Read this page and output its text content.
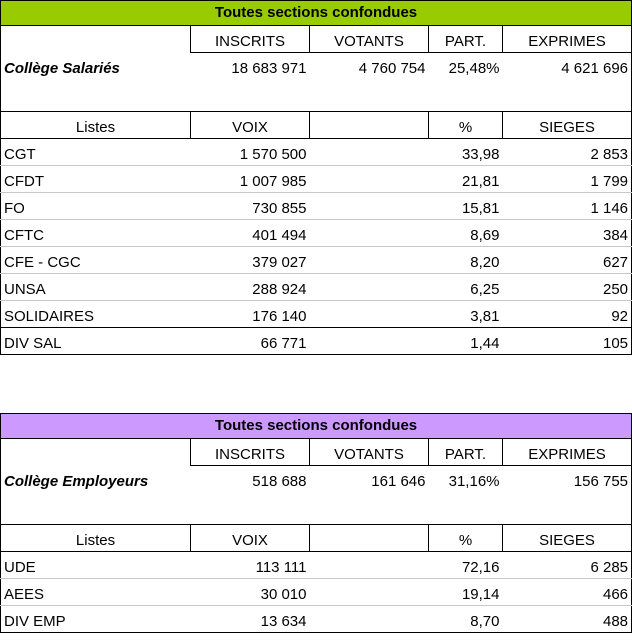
Toutes sections confondues				
	INSCRITS	VOTANTS	PART.	EXPRIMES
Collège Salariés	18 683 971	4 760 754	25,48%	4 621 696

Listes	VOIX		%	SIEGES
CGT	1 570 500		33,98	2 853
CFDT	1 007 985		21,81	1 799
FO	730 855		15,81	1 146
CFTC	401 494		8,69	384
CFE - CGC	379 027		8,20	627
UNSA	288 924		6,25	250
SOLIDAIRES	176 140		3,81	92
DIV SAL	66 771		1,44	105
Toutes sections confondues				
	INSCRITS	VOTANTS	PART.	EXPRIMES
Collège Employeurs	518 688	161 646	31,16%	156 755

Listes	VOIX		%	SIEGES
UDE	113 111		72,16	6 285
AEES	30 010		19,14	466
DIV EMP	13 634		8,70	488
